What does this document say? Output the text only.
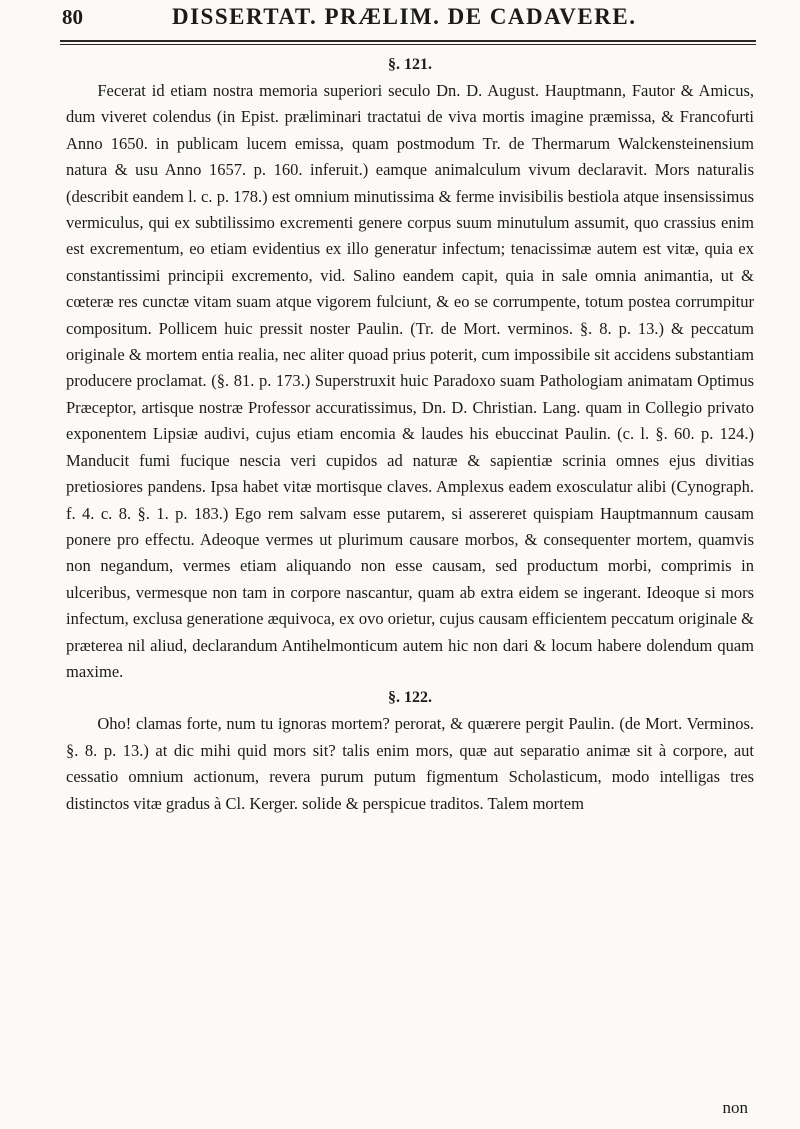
80	DISSERTAT. PRÆLIM. DE CADAVERE.
§. 121.

Fecerat id etiam nostra memoria superiori seculo Dn. D. August. Hauptmann, Fautor & Amicus, dum viveret colendus (in Epist. præliminari tractatui de viva mortis imagine præmissa, & Francofurti Anno 1650. in publicam lucem emissa, quam postmodum Tr. de Thermarum Walckensteinensium natura & usu Anno 1657. p. 160. inferuit.) eamque animalculum vivum declaravit. Mors naturalis (describit eandem l. c. p. 178.) est omnium minutissima & ferme invisibilis bestiola atque insensissimus vermiculus, qui ex subtilissimo excrementi genere corpus suum minutulum assumit, quo crassius enim est excrementum, eo etiam evidentius ex illo generatur infectum; tenacissimæ autem est vitæ, quia ex constantissimi principii excremento, vid. Salino eandem capit, quia in sale omnia animantia, ut & cœteræ res cunctæ vitam suam atque vigorem fulciunt, & eo se corrumpente, totum postea corrumpitur compositum. Pollicem huic pressit noster Paulin. (Tr. de Mort. verminos. §. 8. p. 13.) & peccatum originale & mortem entia realia, nec aliter quoad prius poterit, cum impossibile sit accidens substantiam producere proclamat. (§. 81. p. 173.) Superstruxit huic Paradoxo suam Pathologiam animatam Optimus Præceptor, artisque nostræ Professor accuratissimus, Dn. D. Christian. Lang. quam in Collegio privato exponentem Lipsiæ audivi, cujus etiam encomia & laudes his ebuccinat Paulin. (c. l. §. 60. p. 124.) Manducit fumi fucique nescia veri cupidos ad naturæ & sapientiæ scrinia omnes ejus divitias pretiosiores pandens. Ipsa habet vitæ mortisque claves. Amplexus eadem exosculatur alibi (Cynograph. f. 4. c. 8. §. 1. p. 183.) Ego rem salvam esse putarem, si assereret quispiam Hauptmannum causam ponere pro effectu. Adeoque vermes ut plurimum causare morbos, & consequenter mortem, quamvis non negandum, vermes etiam aliquando non esse causam, sed productum morbi, comprimis in ulceribus, vermesque non tam in corpore nascantur, quam ab extra eidem se ingerant. Ideoque si mors infectum, exclusa generatione æquivoca, ex ovo orietur, cujus causam efficientem peccatum originale & præterea nil aliud, declarandum Antihelmonticum autem hic non dari & locum habere dolendum quam maxime.

§. 122.

Oho! clamas forte, num tu ignoras mortem? perorat, & quærere pergit Paulin. (de Mort. Verminos. §. 8. p. 13.) at dic mihi quid mors sit? talis enim mors, quæ aut separatio animæ sit à corpore, aut cessatio omnium actionum, revera purum putum figmentum Scholasticum, modo intelligas tres distinctos vitæ gradus à Cl. Kerger. solide & perspicue traditos. Talem mortem

non
